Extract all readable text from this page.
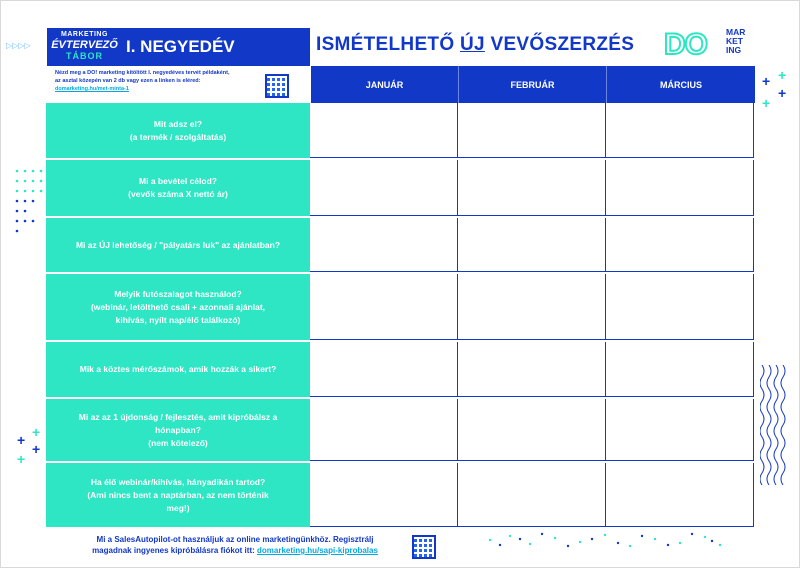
▷▷▷▷
MARKETING
ÉVTERVEZŐ
TÁBOR	I. NEGYEDÉV
Nézd meg a DO! marketing kitöltött I. negyedéves tervét példaként,
az asztal közepén van 2 db vagy ezen a linken is eléred:
domarketing.hu/met-minta-1
ISMÉTELHETŐ ÚJ VEVŐSZERZÉS DO MAR
KET
ING
JANUÁR	FEBRUÁR	MÁRCIUS
Mit adsz el?
(a termék / szolgáltatás)
Mi a bevétel célod?
(vevők száma X nettó ár)
Mi az ÚJ lehetőség / "pályatárs luk" az ajánlatban?
Melyik futószalagot használod?
(webinár, letölthető csali + azonnali ajánlat,
kihívás, nyílt nap/élő találkozó)
Mik a köztes mérőszámok, amik hozzák a sikert?
Mi az az 1 újdonság / fejlesztés, amit kipróbálsz a
hónapban?
(nem kötelező)
Ha élő webinár/kihívás, hányadikán tartod?
(Ami nincs bent a naptárban, az nem történik
meg!)
Mi a SalesAutopilot-ot használjuk az online marketingünkhöz. Regisztrálj
magadnak ingyenes kipróbálásra fiókot itt: domarketing.hu/sapi-kiprobalas
+ +
+
+
+ +
+
+
